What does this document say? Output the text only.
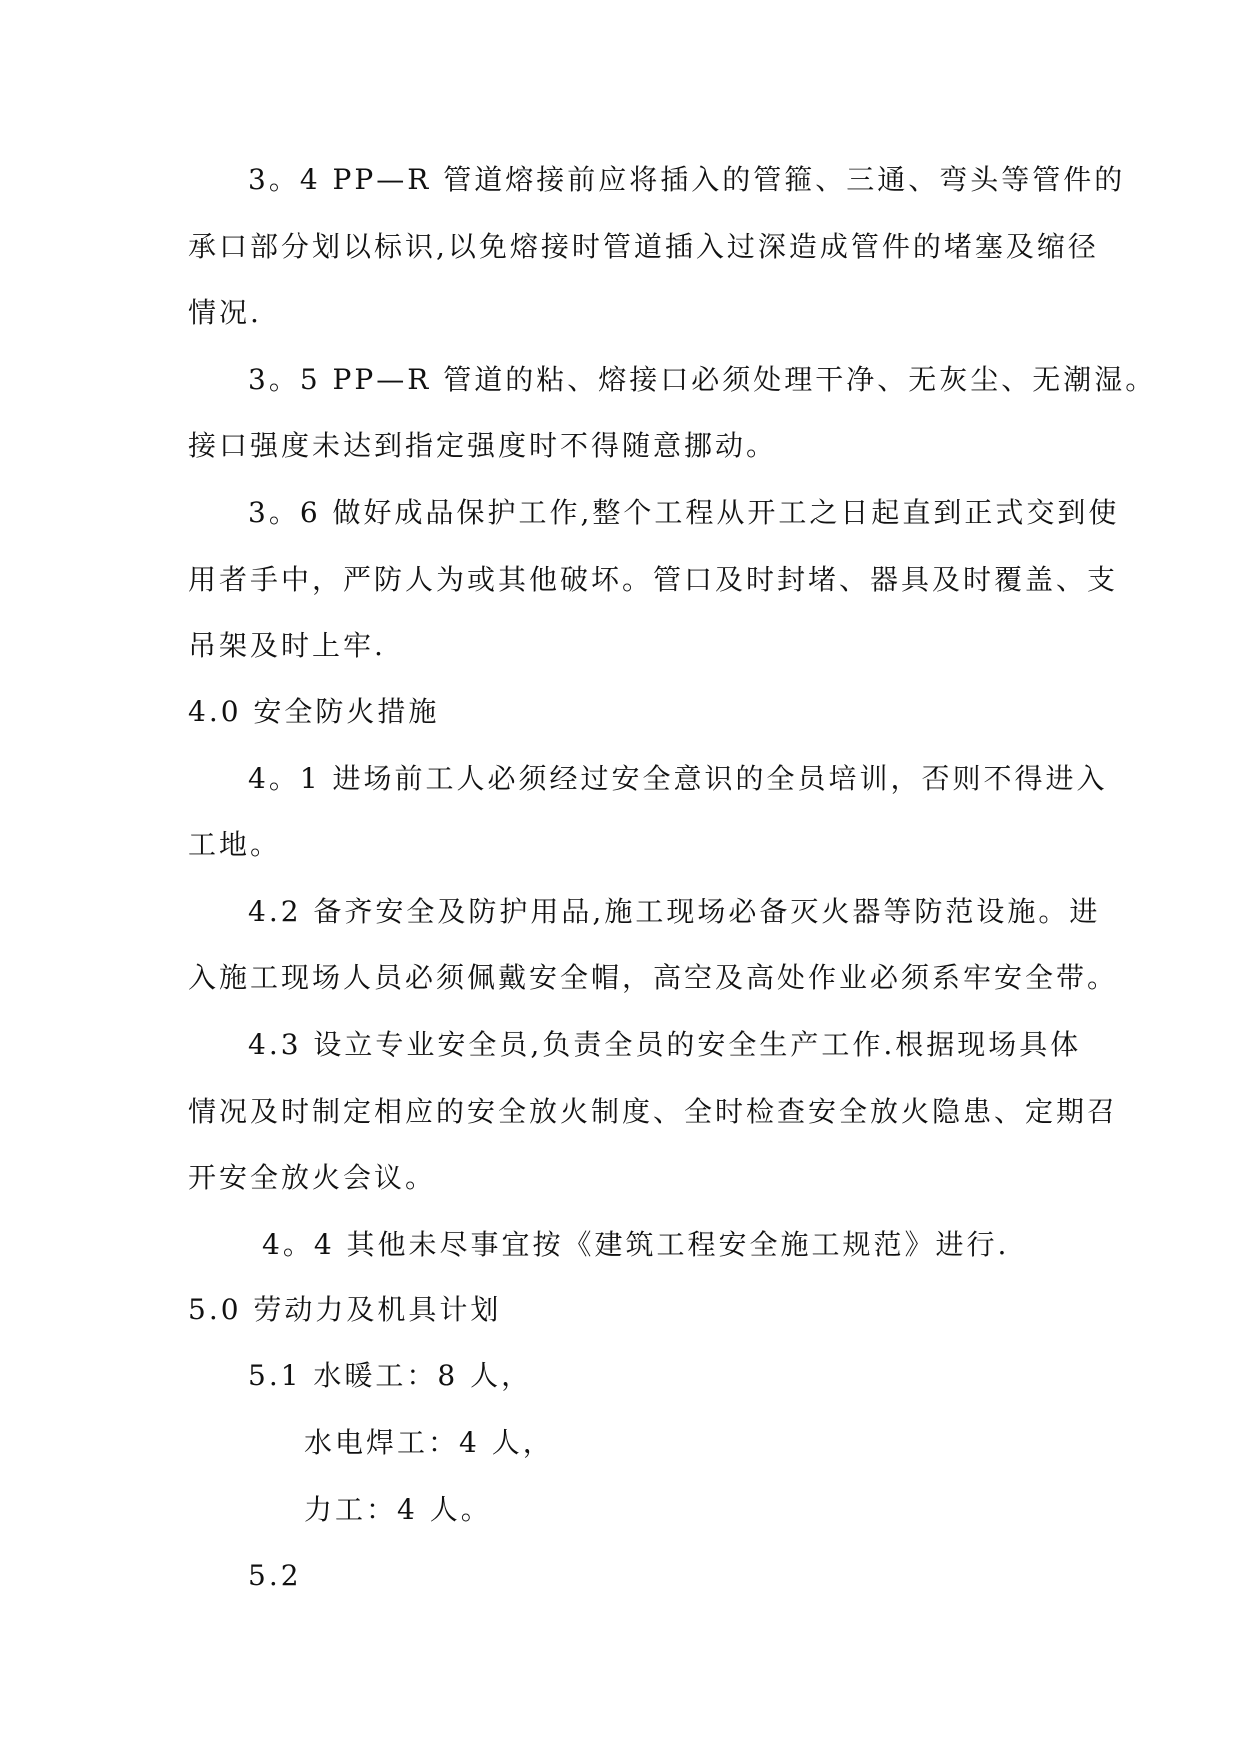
3。4 PP—R 管道熔接前应将插入的管箍、三通、弯头等管件的
承口部分划以标识,以免熔接时管道插入过深造成管件的堵塞及缩径
情况.
3。5 PP—R 管道的粘、熔接口必须处理干净、无灰尘、无潮湿。
接口强度未达到指定强度时不得随意挪动。
3。6 做好成品保护工作,整个工程从开工之日起直到正式交到使
用者手中，严防人为或其他破坏。管口及时封堵、器具及时覆盖、支
吊架及时上牢.
4.0 安全防火措施
4。1 进场前工人必须经过安全意识的全员培训，否则不得进入
工地。
4.2 备齐安全及防护用品,施工现场必备灭火器等防范设施。进
入施工现场人员必须佩戴安全帽，高空及高处作业必须系牢安全带。
4.3 设立专业安全员,负责全员的安全生产工作.根据现场具体
情况及时制定相应的安全放火制度、全时检查安全放火隐患、定期召
开安全放火会议。
4。4 其他未尽事宜按《建筑工程安全施工规范》进行.
5.0 劳动力及机具计划
5.1 水暖工：8 人，
水电焊工：4 人，
力工：4 人。
5.2
